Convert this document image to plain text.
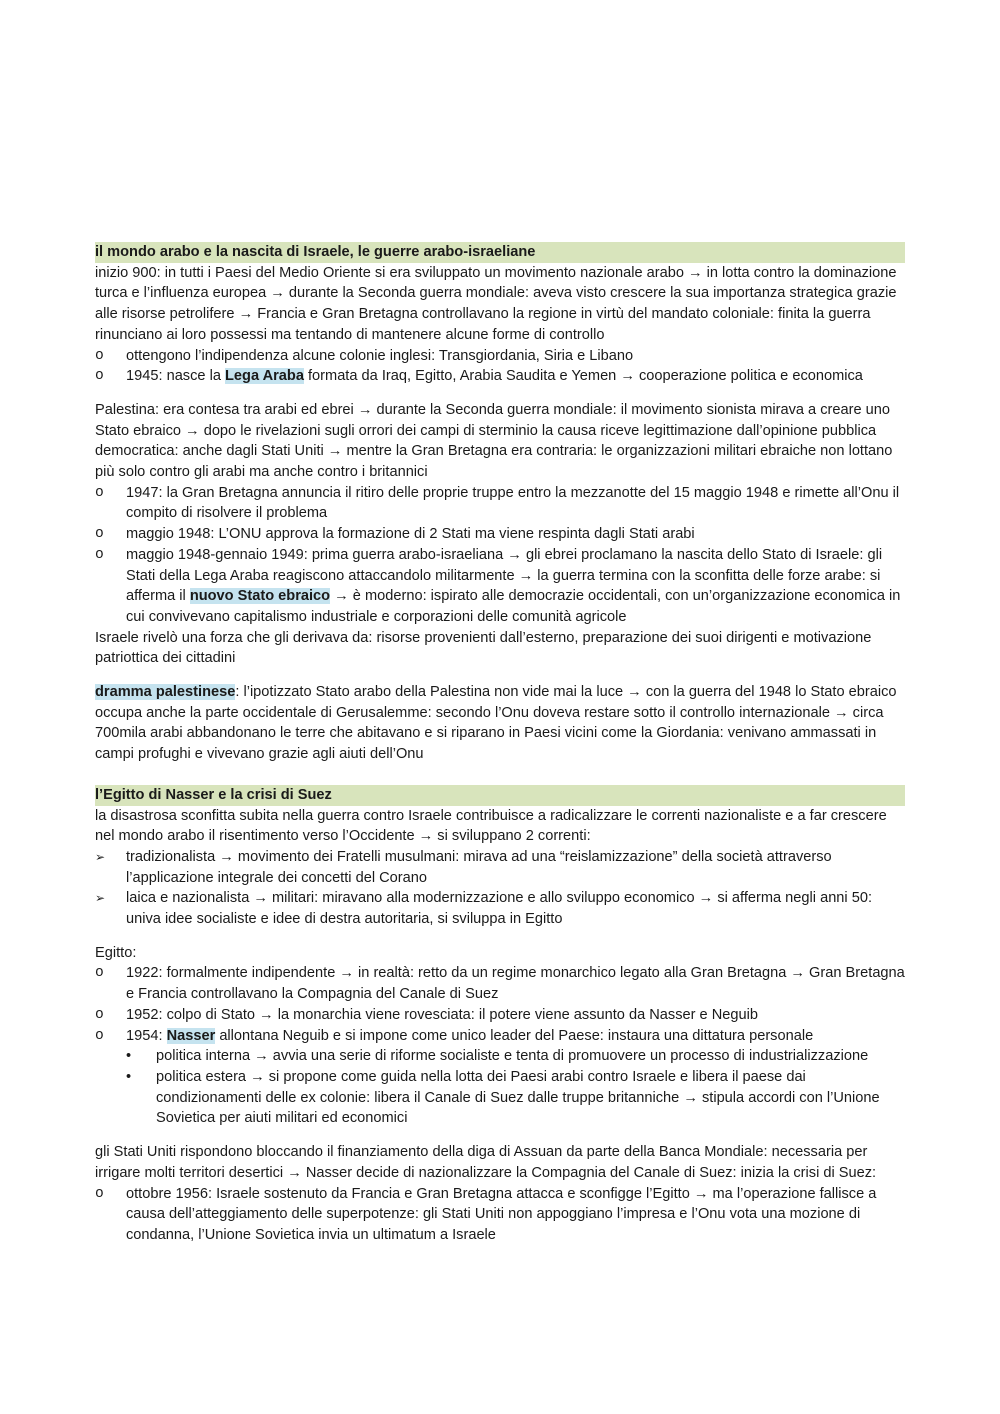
il mondo arabo e la nascita di Israele, le guerre arabo-israeliane

inizio 900: in tutti i Paesi del Medio Oriente si era sviluppato un movimento nazionale arabo → in lotta contro la dominazione turca e l’influenza europea → durante la Seconda guerra mondiale: aveva visto crescere la sua importanza strategica grazie alle risorse petrolifere → Francia e Gran Bretagna controllavano la regione in virtù del mandato coloniale: finita la guerra rinunciano ai loro possessi ma tentando di mantenere alcune forme di controllo

o	ottengono l’indipendenza alcune colonie inglesi: Transgiordania, Siria e Libano
o	1945: nasce la Lega Araba formata da Iraq, Egitto, Arabia Saudita e Yemen → cooperazione politica e economica

Palestina: era contesa tra arabi ed ebrei → durante la Seconda guerra mondiale: il movimento sionista mirava a creare uno Stato ebraico → dopo le rivelazioni sugli orrori dei campi di sterminio la causa riceve legittimazione dall’opinione pubblica democratica: anche dagli Stati Uniti → mentre la Gran Bretagna era contraria: le organizzazioni militari ebraiche non lottano più solo contro gli arabi ma anche contro i britannici

o	1947: la Gran Bretagna annuncia il ritiro delle proprie truppe entro la mezzanotte del 15 maggio 1948 e rimette all’Onu il compito di risolvere il problema
o	maggio 1948: L’ONU approva la formazione di 2 Stati ma viene respinta dagli Stati arabi
o	maggio 1948-gennaio 1949: prima guerra arabo-israeliana → gli ebrei proclamano la nascita dello Stato di Israele: gli Stati della Lega Araba reagiscono attaccandolo militarmente → la guerra termina con la sconfitta delle forze arabe: si afferma il nuovo Stato ebraico → è moderno: ispirato alle democrazie occidentali, con un’organizzazione economica in cui convivevano capitalismo industriale e corporazioni delle comunità agricole

Israele rivelò una forza che gli derivava da: risorse provenienti dall’esterno, preparazione dei suoi dirigenti e motivazione patriottica dei cittadini

dramma palestinese: l’ipotizzato Stato arabo della Palestina non vide mai la luce → con la guerra del 1948 lo Stato ebraico occupa anche la parte occidentale di Gerusalemme: secondo l’Onu doveva restare sotto il controllo internazionale → circa 700mila arabi abbandonano le terre che abitavano e si riparano in Paesi vicini come la Giordania: venivano ammassati in campi profughi e vivevano grazie agli aiuti dell’Onu

l’Egitto di Nasser e la crisi di Suez

la disastrosa sconfitta subita nella guerra contro Israele contribuisce a radicalizzare le correnti nazionaliste e a far crescere nel mondo arabo il risentimento verso l’Occidente → si sviluppano 2 correnti:

➢	tradizionalista → movimento dei Fratelli musulmani: mirava ad una “reislamizzazione” della società attraverso l’applicazione integrale dei concetti del Corano
➢	laica e nazionalista → militari: miravano alla modernizzazione e allo sviluppo economico → si afferma negli anni 50: univa idee socialiste e idee di destra autoritaria, si sviluppa in Egitto

Egitto:

o	1922: formalmente indipendente → in realtà: retto da un regime monarchico legato alla Gran Bretagna → Gran Bretagna e Francia controllavano la Compagnia del Canale di Suez
o	1952: colpo di Stato → la monarchia viene rovesciata: il potere viene assunto da Nasser e Neguib
o	1954: Nasser allontana Neguib e si impone come unico leader del Paese: instaura una dittatura personale
•	politica interna → avvia una serie di riforme socialiste e tenta di promuovere un processo di industrializzazione
•	politica estera → si propone come guida nella lotta dei Paesi arabi contro Israele e libera il paese dai condizionamenti delle ex colonie: libera il Canale di Suez dalle truppe britanniche → stipula accordi con l’Unione Sovietica per aiuti militari ed economici

gli Stati Uniti rispondono bloccando il finanziamento della diga di Assuan da parte della Banca Mondiale: necessaria per irrigare molti territori desertici → Nasser decide di nazionalizzare la Compagnia del Canale di Suez: inizia la crisi di Suez:

o	ottobre 1956: Israele sostenuto da Francia e Gran Bretagna attacca e sconfigge l’Egitto → ma l’operazione fallisce a causa dell’atteggiamento delle superpotenze: gli Stati Uniti non appoggiano l’impresa e l’Onu vota una mozione di condanna, l’Unione Sovietica invia un ultimatum a Israele
